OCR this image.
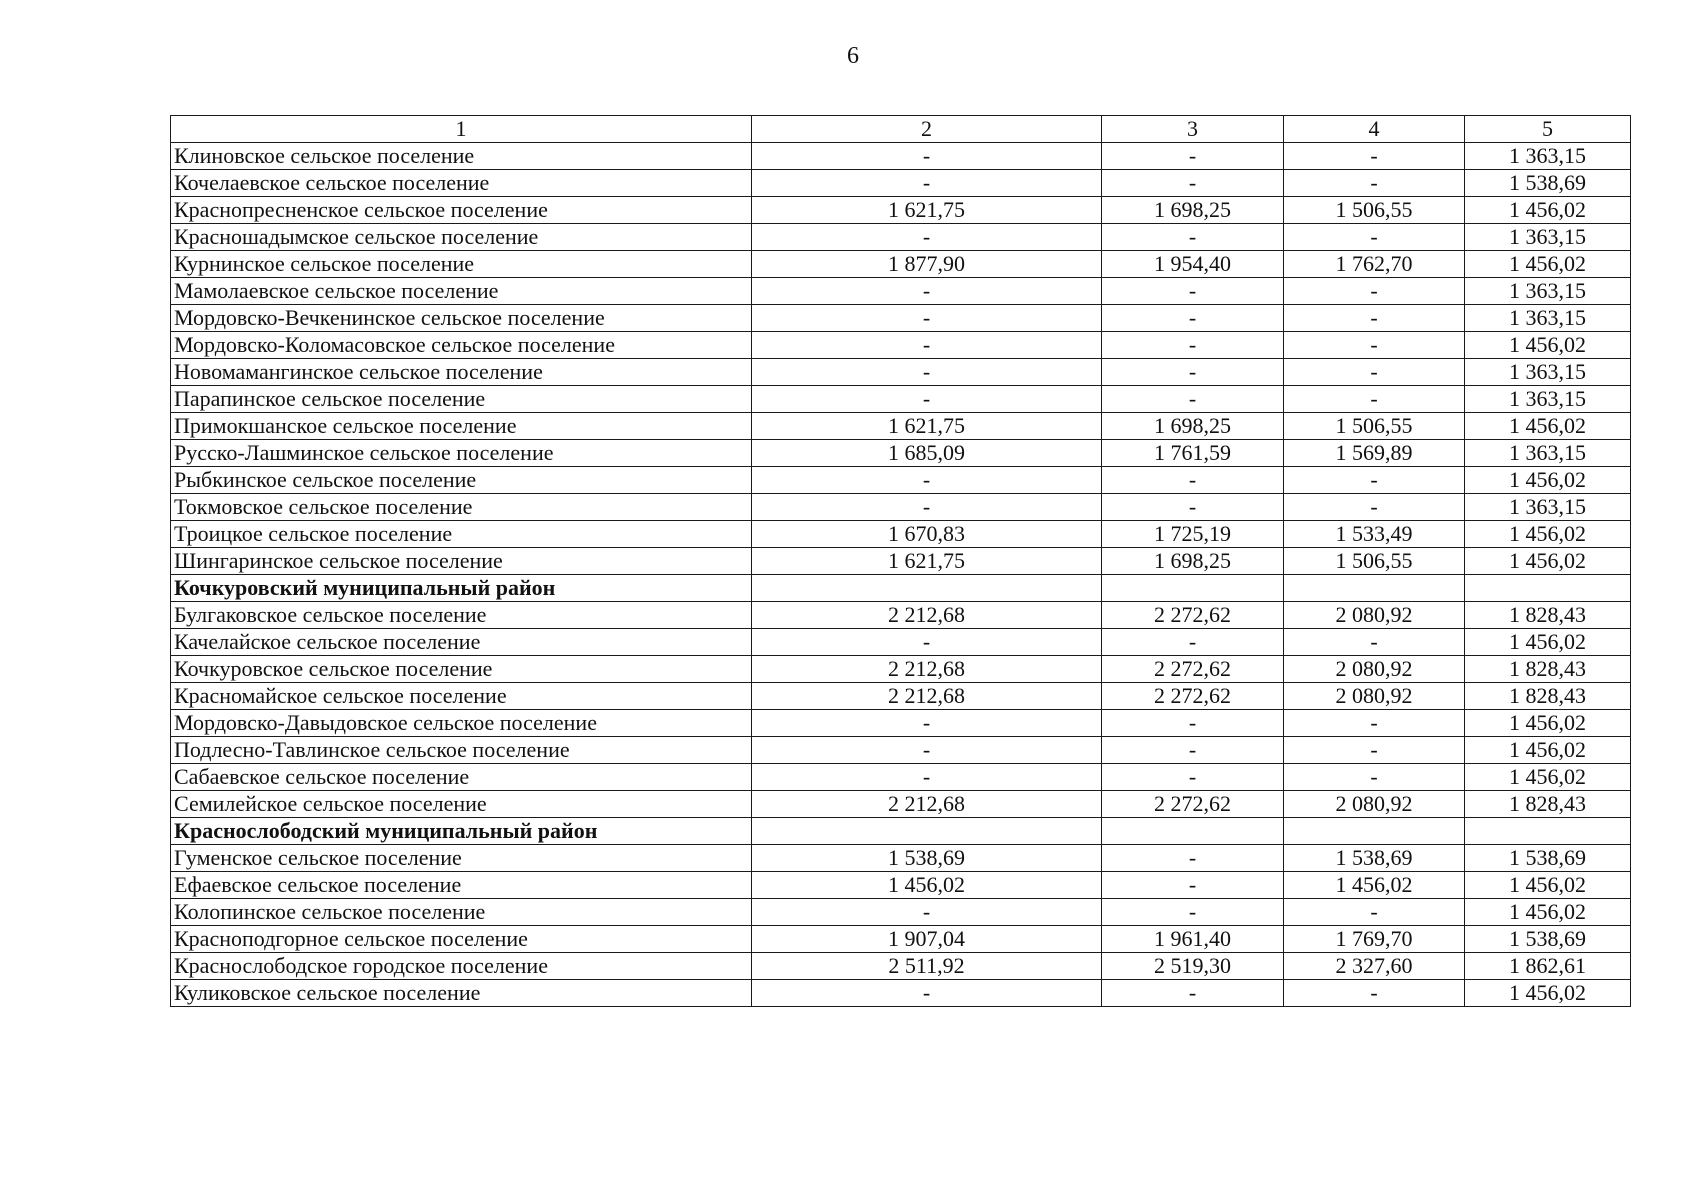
6
1	2	3	4	5
Клиновское сельское поселение	-	-	-	1 363,15
Кочелаевское сельское поселение	-	-	-	1 538,69
Краснопресненское сельское поселение	1 621,75	1 698,25	1 506,55	1 456,02
Красношадымское сельское поселение	-	-	-	1 363,15
Курнинское сельское поселение	1 877,90	1 954,40	1 762,70	1 456,02
Мамолаевское сельское поселение	-	-	-	1 363,15
Мордовско-Вечкенинское сельское поселение	-	-	-	1 363,15
Мордовско-Коломасовское сельское поселение	-	-	-	1 456,02
Новомамангинское сельское поселение	-	-	-	1 363,15
Парапинское сельское поселение	-	-	-	1 363,15
Примокшанское сельское поселение	1 621,75	1 698,25	1 506,55	1 456,02
Русско-Лашминское сельское поселение	1 685,09	1 761,59	1 569,89	1 363,15
Рыбкинское сельское поселение	-	-	-	1 456,02
Токмовское сельское поселение	-	-	-	1 363,15
Троицкое сельское поселение	1 670,83	1 725,19	1 533,49	1 456,02
Шингаринское сельское поселение	1 621,75	1 698,25	1 506,55	1 456,02
Кочкуровский муниципальный район				
Булгаковское сельское поселение	2 212,68	2 272,62	2 080,92	1 828,43
Качелайское сельское поселение	-	-	-	1 456,02
Кочкуровское сельское поселение	2 212,68	2 272,62	2 080,92	1 828,43
Красномайское сельское поселение	2 212,68	2 272,62	2 080,92	1 828,43
Мордовско-Давыдовское сельское поселение	-	-	-	1 456,02
Подлесно-Тавлинское сельское поселение	-	-	-	1 456,02
Сабаевское сельское поселение	-	-	-	1 456,02
Семилейское сельское поселение	2 212,68	2 272,62	2 080,92	1 828,43
Краснослободский муниципальный район				
Гуменское сельское поселение	1 538,69	-	1 538,69	1 538,69
Ефаевское сельское поселение	1 456,02	-	1 456,02	1 456,02
Колопинское сельское поселение	-	-	-	1 456,02
Красноподгорное сельское поселение	1 907,04	1 961,40	1 769,70	1 538,69
Краснослободское городское поселение	2 511,92	2 519,30	2 327,60	1 862,61
Куликовское сельское поселение	-	-	-	1 456,02
